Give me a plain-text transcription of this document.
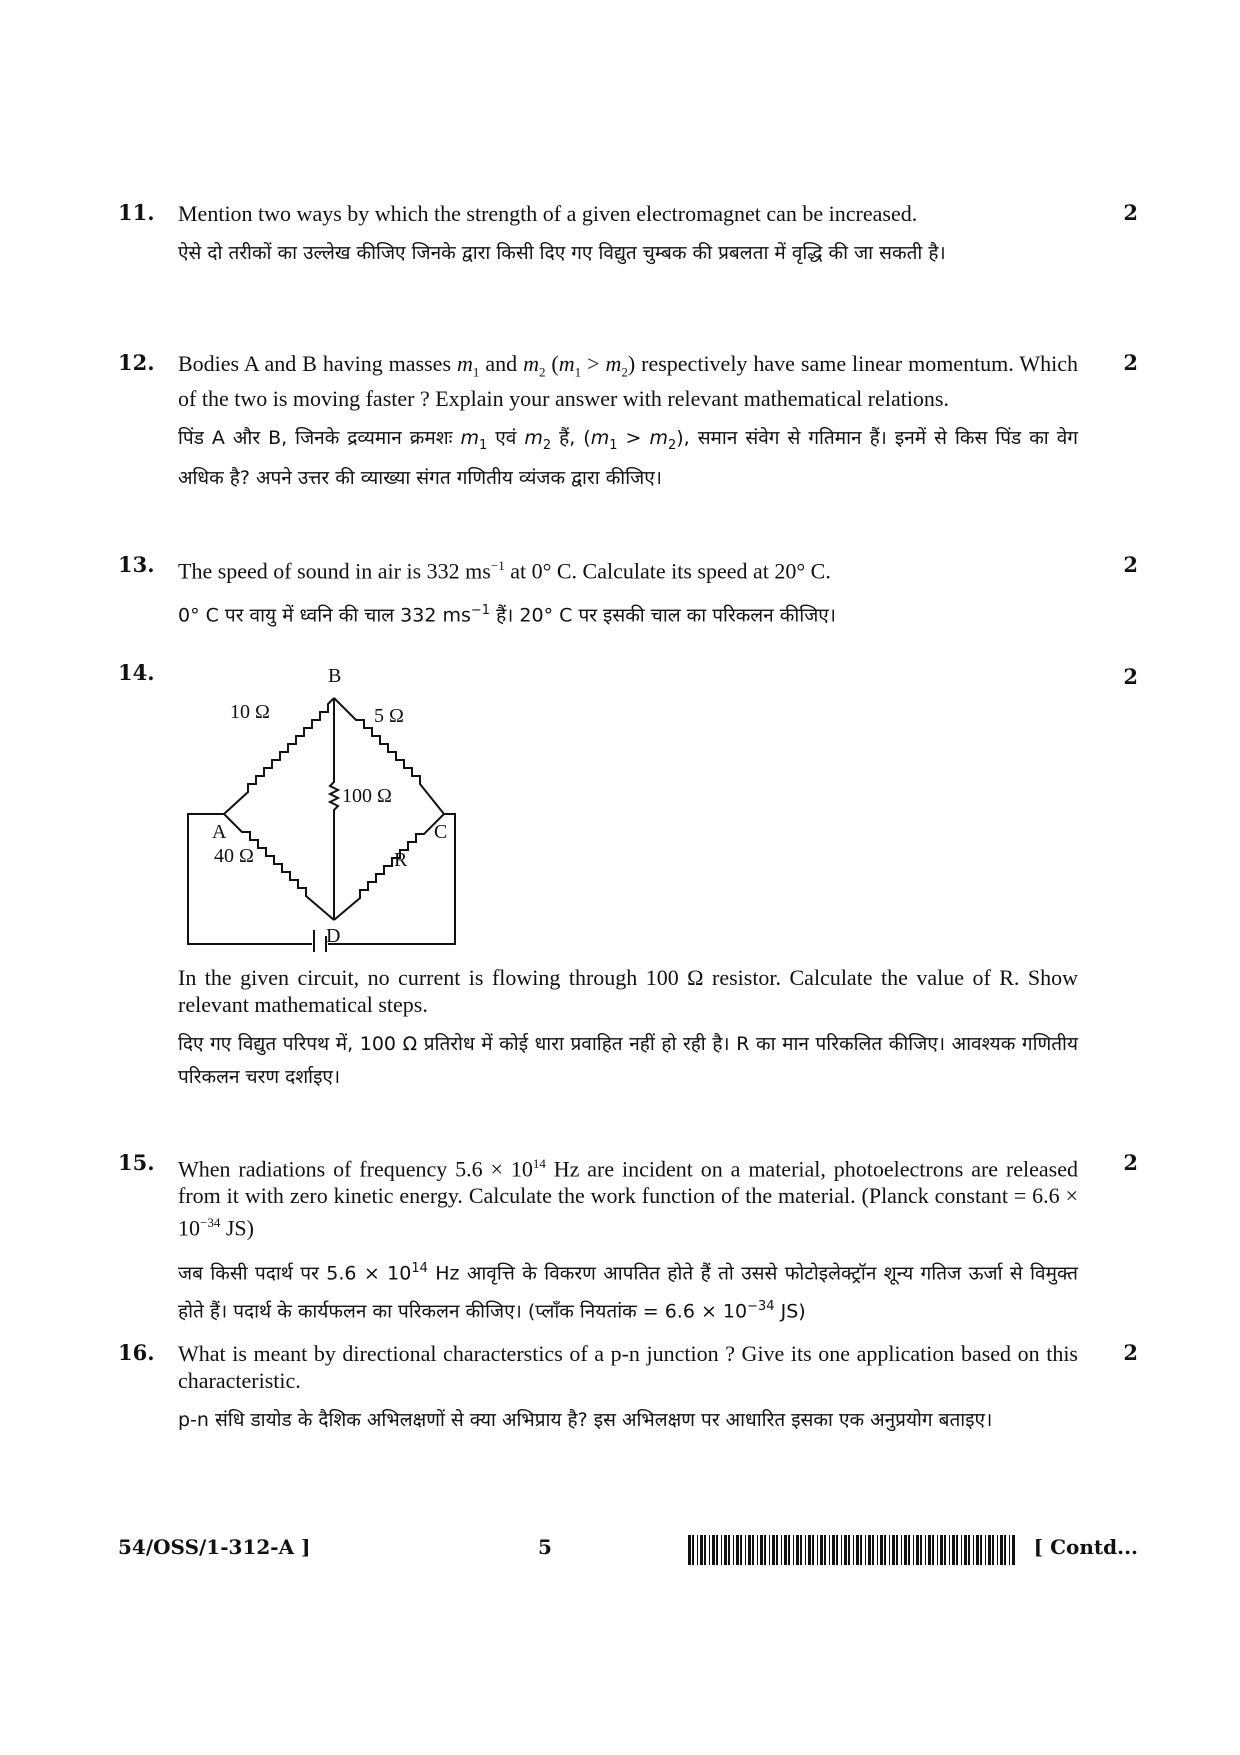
11.	2

Mention two ways by which the strength of a given electromagnet can be increased.

ऐसे दो तरीकों का उल्लेख कीजिए जिनके द्वारा किसी दिए गए विद्युत चुम्बक की प्रबलता में वृद्धि की जा सकती है।

12.	2

Bodies A and B having masses $m_1$ and $m_2$ $(m_1 > m_2)$ respectively have same linear momentum. Which of the two is moving faster ? Explain your answer with relevant mathematical relations.

पिंड A और B, जिनके द्रव्यमान क्रमशः $m_1$ एवं $m_2$ हैं, $(m_1 > m_2)$, समान संवेग से गतिमान हैं। इनमें से किस पिंड का वेग अधिक है? अपने उत्तर की व्याख्या संगत गणितीय व्यंजक द्वारा कीजिए।

13.	2

The speed of sound in air is 332 $ms^{-1}$ at 0° C. Calculate its speed at 20° C.

0° C पर वायु में ध्वनि की चाल 332 $ms^{-1}$ हैं। 20° C पर इसकी चाल का परिकलन कीजिए।

14.	2
B
A	C
D
10 Ω	5 Ω
100 Ω
40 Ω	R

In the given circuit, no current is flowing through 100 Ω resistor. Calculate the value of R. Show relevant mathematical steps.

दिए गए विद्युत परिपथ में, 100 Ω प्रतिरोध में कोई धारा प्रवाहित नहीं हो रही है। R का मान परिकलित कीजिए। आवश्यक गणितीय परिकलन चरण दर्शाइए।

15.	2

When radiations of frequency $5.6 \times 10^{14}$ Hz are incident on a material, photoelectrons are released from it with zero kinetic energy. Calculate the work function of the material. (Planck constant = $6.6 \times 10^{-34}$ JS)

जब किसी पदार्थ पर $5.6 \times 10^{14}$ Hz आवृत्ति के विकरण आपतित होते हैं तो उससे फोटोइलेक्ट्रॉन शून्य गतिज ऊर्जा से विमुक्त होते हैं। पदार्थ के कार्यफलन का परिकलन कीजिए। (प्लाँक नियतांक = $6.6 \times 10^{-34}$ JS)

16.	2

What is meant by directional characterstics of a p-n junction ? Give its one application based on this characteristic.

p-n संधि डायोड के दैशिक अभिलक्षणों से क्या अभिप्राय है? इस अभिलक्षण पर आधारित इसका एक अनुप्रयोग बताइए।

54/OSS/1-312-A ]	5	[ Contd...
